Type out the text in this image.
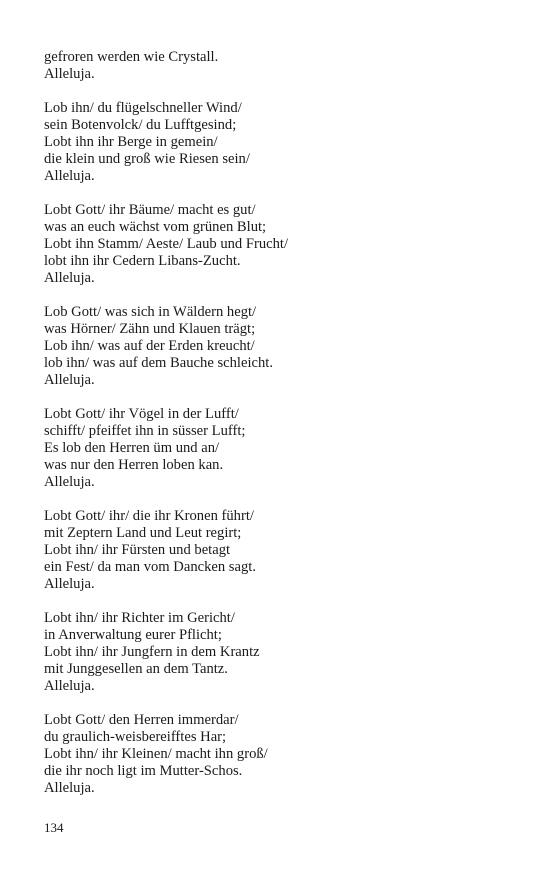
gefroren werden wie Crystall.
Alleluja.
Lob ihn/ du flügelschneller Wind/
sein Botenvolck/ du Lufftgesind;
Lobt ihn ihr Berge in gemein/
die klein und groß wie Riesen sein/
Alleluja.
Lobt Gott/ ihr Bäume/ macht es gut/
was an euch wächst vom grünen Blut;
Lobt ihn Stamm/ Aeste/ Laub und Frucht/
lobt ihn ihr Cedern Libans-Zucht.
Alleluja.
Lob Gott/ was sich in Wäldern hegt/
was Hörner/ Zähn und Klauen trägt;
Lob ihn/ was auf der Erden kreucht/
lob ihn/ was auf dem Bauche schleicht.
Alleluja.
Lobt Gott/ ihr Vögel in der Lufft/
schifft/ pfeiffet ihn in süsser Lufft;
Es lob den Herren üm und an/
was nur den Herren loben kan.
Alleluja.
Lobt Gott/ ihr/ die ihr Kronen führt/
mit Zeptern Land und Leut regirt;
Lobt ihn/ ihr Fürsten und betagt
ein Fest/ da man vom Dancken sagt.
Alleluja.
Lobt ihn/ ihr Richter im Gericht/
in Anverwaltung eurer Pflicht;
Lobt ihn/ ihr Jungfern in dem Krantz
mit Junggesellen an dem Tantz.
Alleluja.
Lobt Gott/ den Herren immerdar/
du graulich-weisbereifftes Har;
Lobt ihn/ ihr Kleinen/ macht ihn groß/
die ihr noch ligt im Mutter-Schos.
Alleluja.
134
